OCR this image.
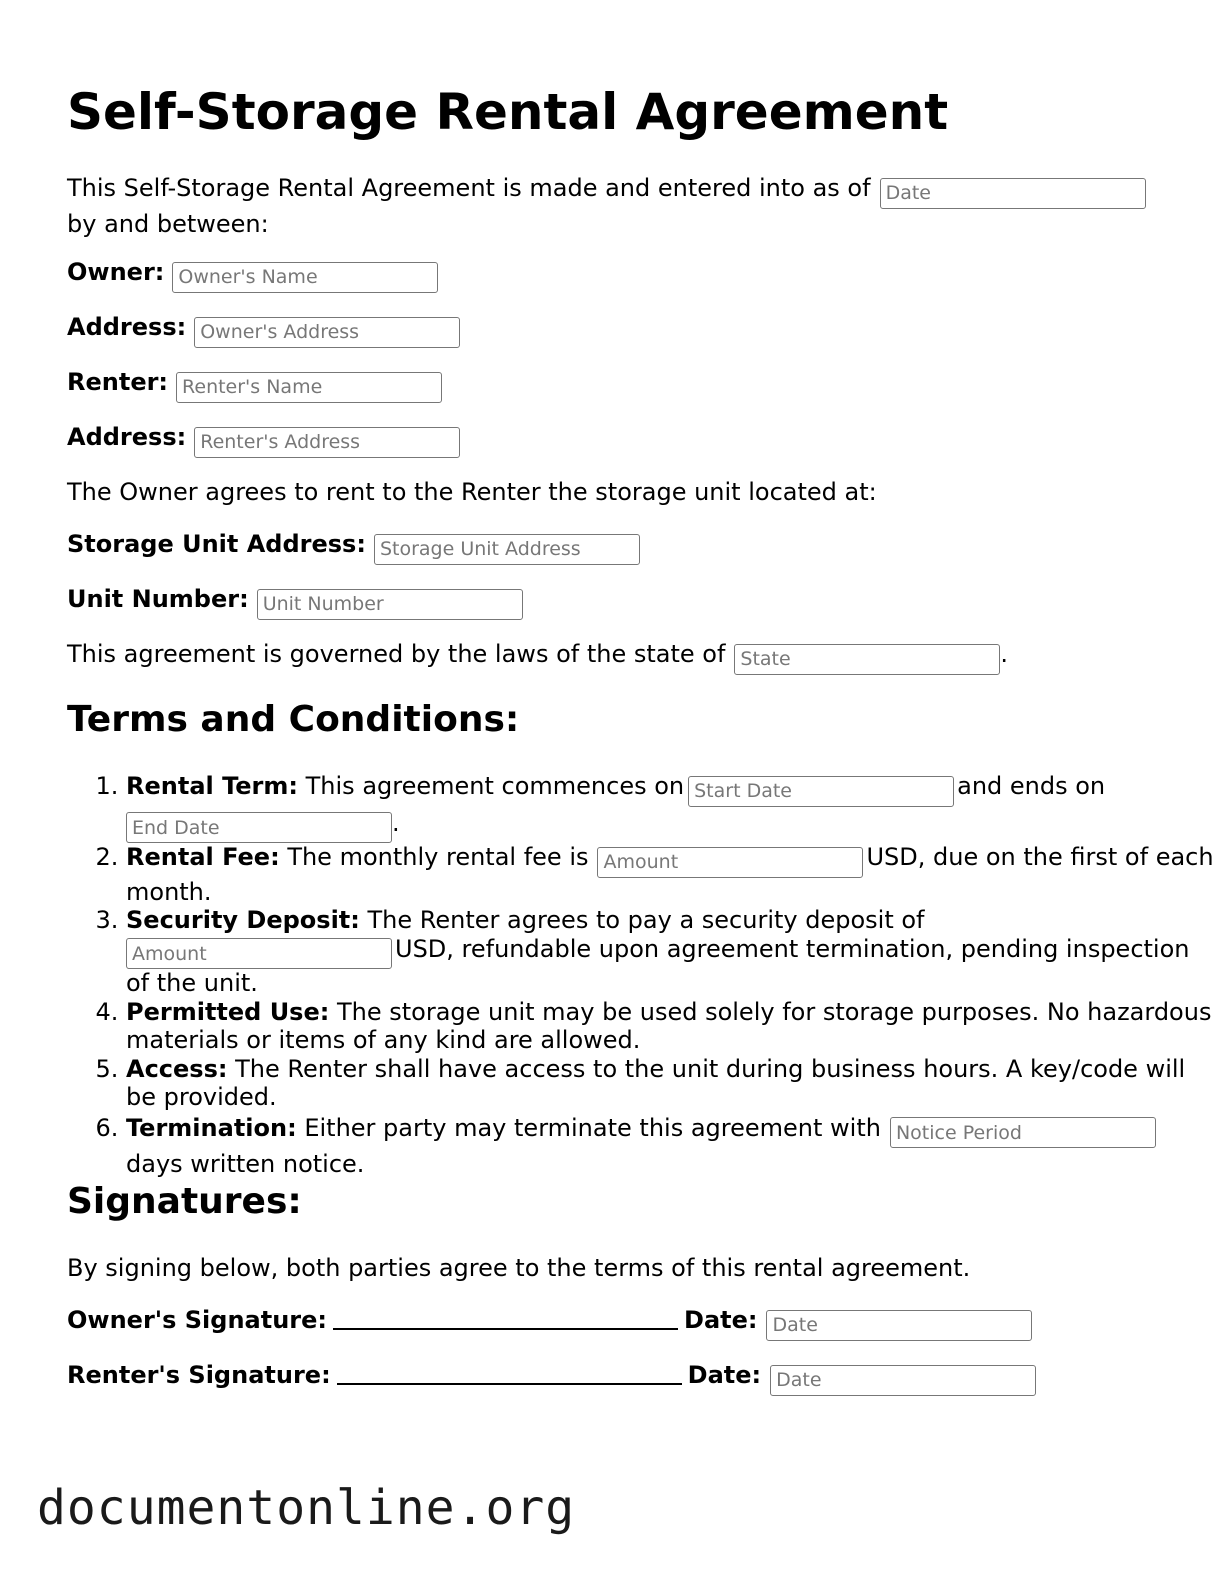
Self-Storage Rental Agreement
This Self-Storage Rental Agreement is made and entered into as ofDate
by and between:
Owner:Owner's Name
Address:Owner's Address
Renter:Renter's Name
Address:Renter's Address
The Owner agrees to rent to the Renter the storage unit located at:
Storage Unit Address:Storage Unit Address
Unit Number:Unit Number
This agreement is governed by the laws of the state ofState	.
Terms and Conditions:
1. Rental Term: This agreement commences onStart Date	and ends on
End Date.
2. Rental Fee: The monthly rental fee isAmount	USD, due on the first of each month.
3. Security Deposit: The Renter agrees to pay a security deposit of
AmountUSD, refundable upon agreement termination, pending inspection of the unit.
4. Permitted Use: The storage unit may be used solely for storage purposes. No hazardous materials or items of any kind are allowed.
5. Access: The Renter shall have access to the unit during business hours. A key/code will be provided.
6. Termination: Either party may terminate this agreement withNotice Period
days written notice.
Signatures:
By signing below, both parties agree to the terms of this rental agreement.
Owner's Signature:	Date:Date
Renter's Signature:	Date:Date
documentonline.org
